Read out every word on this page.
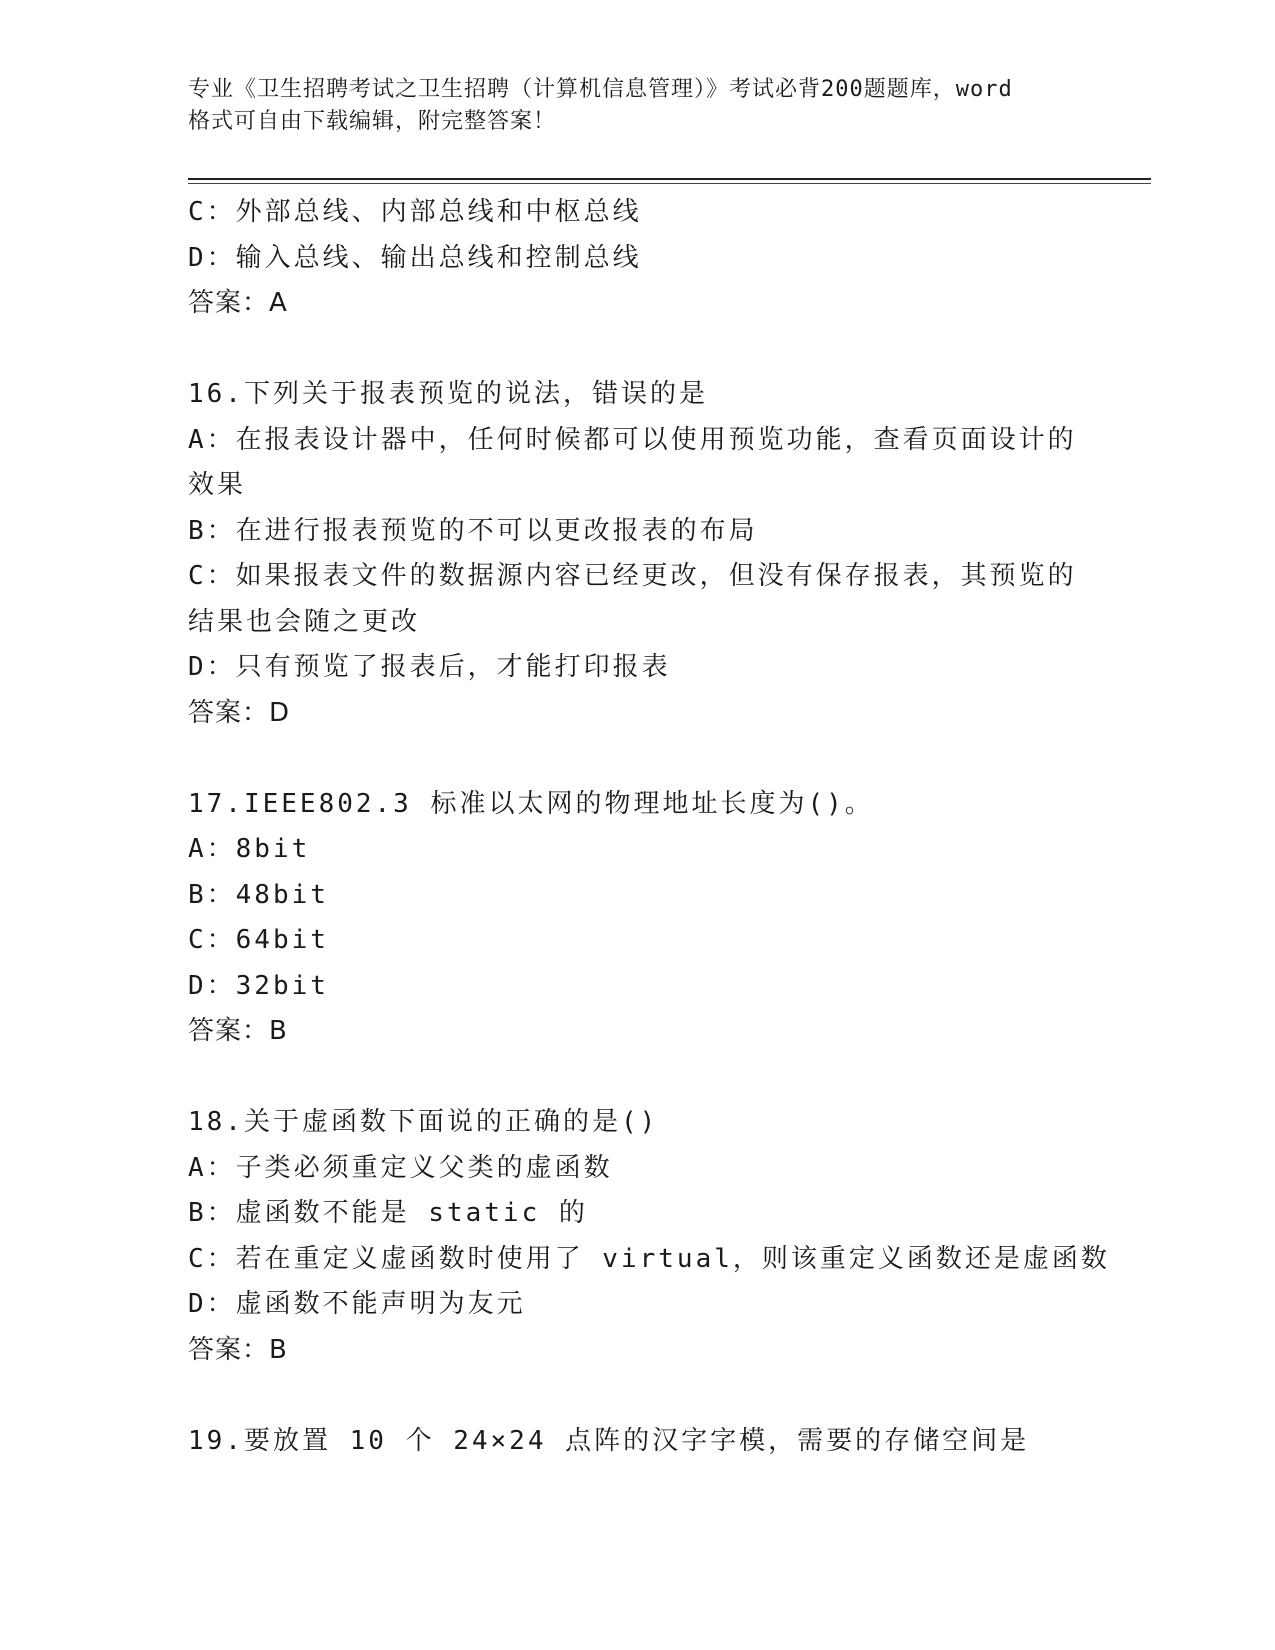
专业《卫生招聘考试之卫生招聘（计算机信息管理）》考试必背200题题库，word
格式可自由下载编辑，附完整答案！
C：外部总线、内部总线和中枢总线
D：输入总线、输出总线和控制总线
答案：A
16.下列关于报表预览的说法，错误的是
A：在报表设计器中，任何时候都可以使用预览功能，查看页面设计的
效果
B：在进行报表预览的不可以更改报表的布局
C：如果报表文件的数据源内容已经更改，但没有保存报表，其预览的
结果也会随之更改
D：只有预览了报表后，才能打印报表
答案：D
17.IEEE802.3 标准以太网的物理地址长度为()。
A：8bit
B：48bit
C：64bit
D：32bit
答案：B
18.关于虚函数下面说的正确的是()
A：子类必须重定义父类的虚函数
B：虚函数不能是 static 的
C：若在重定义虚函数时使用了 virtual，则该重定义函数还是虚函数
D：虚函数不能声明为友元
答案：B
19.要放置 10 个 24×24 点阵的汉字字模，需要的存储空间是
